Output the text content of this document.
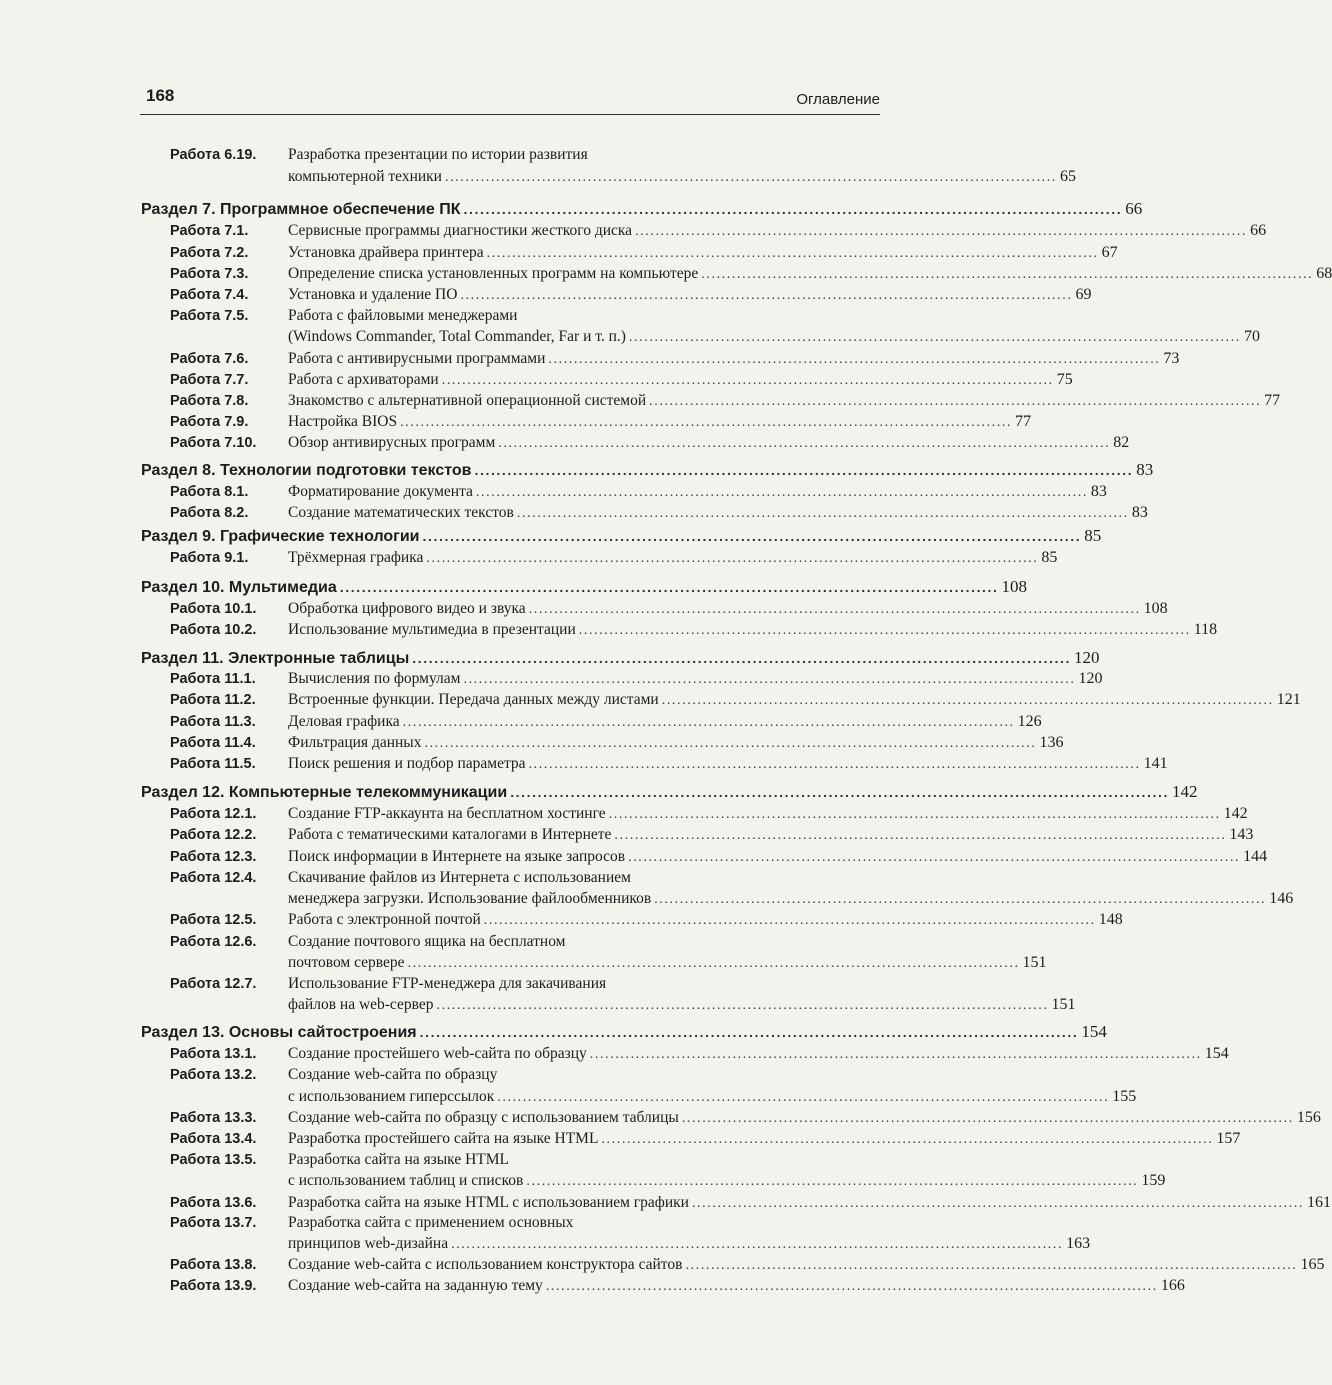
168	Оглавление
Работа 6.19. Разработка презентации по истории развития
компьютерной техники ........................................................................................................................ 65
Раздел 7. Программное обеспечение ПК ........................................................................................................................ 66
Работа 7.1.	Сервисные программы диагностики жесткого диска ........................................................................................................................ 66
Работа 7.2.	Установка драйвера принтера ........................................................................................................................ 67
Работа 7.3.	Определение списка установленных программ на компьютере ........................................................................................................................ 68
Работа 7.4.	Установка и удаление ПО ........................................................................................................................ 69
Работа 7.5.	Работа с файловыми менеджерами
(Windows Commander, Total Commander, Far и т. п.) ........................................................................................................................ 70
Работа 7.6.	Работа с антивирусными программами ........................................................................................................................ 73
Работа 7.7.	Работа с архиваторами ........................................................................................................................ 75
Работа 7.8.	Знакомство с альтернативной операционной системой ........................................................................................................................ 77
Работа 7.9.	Настройка BIOS ........................................................................................................................ 77
Работа 7.10. Обзор антивирусных программ ........................................................................................................................ 82
Раздел 8. Технологии подготовки текстов ........................................................................................................................ 83
Работа 8.1.	Форматирование документа ........................................................................................................................ 83
Работа 8.2.	Создание математических текстов ........................................................................................................................ 83
Раздел 9. Графические технологии ........................................................................................................................ 85
Работа 9.1.	Трёхмерная графика ........................................................................................................................ 85
Раздел 10. Мультимедиа ........................................................................................................................ 108
Работа 10.1. Обработка цифрового видео и звука ........................................................................................................................ 108
Работа 10.2. Использование мультимедиа в презентации ........................................................................................................................ 118
Раздел 11. Электронные таблицы ........................................................................................................................ 120
Работа 11.1. Вычисления по формулам ........................................................................................................................ 120
Работа 11.2. Встроенные функции. Передача данных между листами ........................................................................................................................ 121
Работа 11.3. Деловая графика ........................................................................................................................ 126
Работа 11.4. Фильтрация данных ........................................................................................................................ 136
Работа 11.5. Поиск решения и подбор параметра ........................................................................................................................ 141
Раздел 12. Компьютерные телекоммуникации ........................................................................................................................ 142
Работа 12.1. Создание FTP-аккаунта на бесплатном хостинге ........................................................................................................................ 142
Работа 12.2. Работа с тематическими каталогами в Интернете ........................................................................................................................ 143
Работа 12.3. Поиск информации в Интернете на языке запросов ........................................................................................................................ 144
Работа 12.4. Скачивание файлов из Интернета с использованием
менеджера загрузки. Использование файлообменников ........................................................................................................................ 146
Работа 12.5. Работа с электронной почтой ........................................................................................................................ 148
Работа 12.6. Создание почтового ящика на бесплатном
почтовом сервере ........................................................................................................................ 151
Работа 12.7. Использование FTP-менеджера для закачивания
файлов на web-сервер ........................................................................................................................ 151
Раздел 13. Основы сайтостроения ........................................................................................................................ 154
Работа 13.1. Создание простейшего web-сайта по образцу ........................................................................................................................ 154
Работа 13.2. Создание web-сайта по образцу
с использованием гиперссылок ........................................................................................................................ 155
Работа 13.3. Создание web-сайта по образцу с использованием таблицы ........................................................................................................................ 156
Работа 13.4. Разработка простейшего сайта на языке HTML ........................................................................................................................ 157
Работа 13.5. Разработка сайта на языке HTML
с использованием таблиц и списков ........................................................................................................................ 159
Работа 13.6. Разработка сайта на языке HTML с использованием графики ........................................................................................................................ 161
Работа 13.7. Разработка сайта с применением основных
принципов web-дизайна ........................................................................................................................ 163
Работа 13.8. Создание web-сайта с использованием конструктора сайтов ........................................................................................................................ 165
Работа 13.9. Создание web-сайта на заданную тему ........................................................................................................................ 166
